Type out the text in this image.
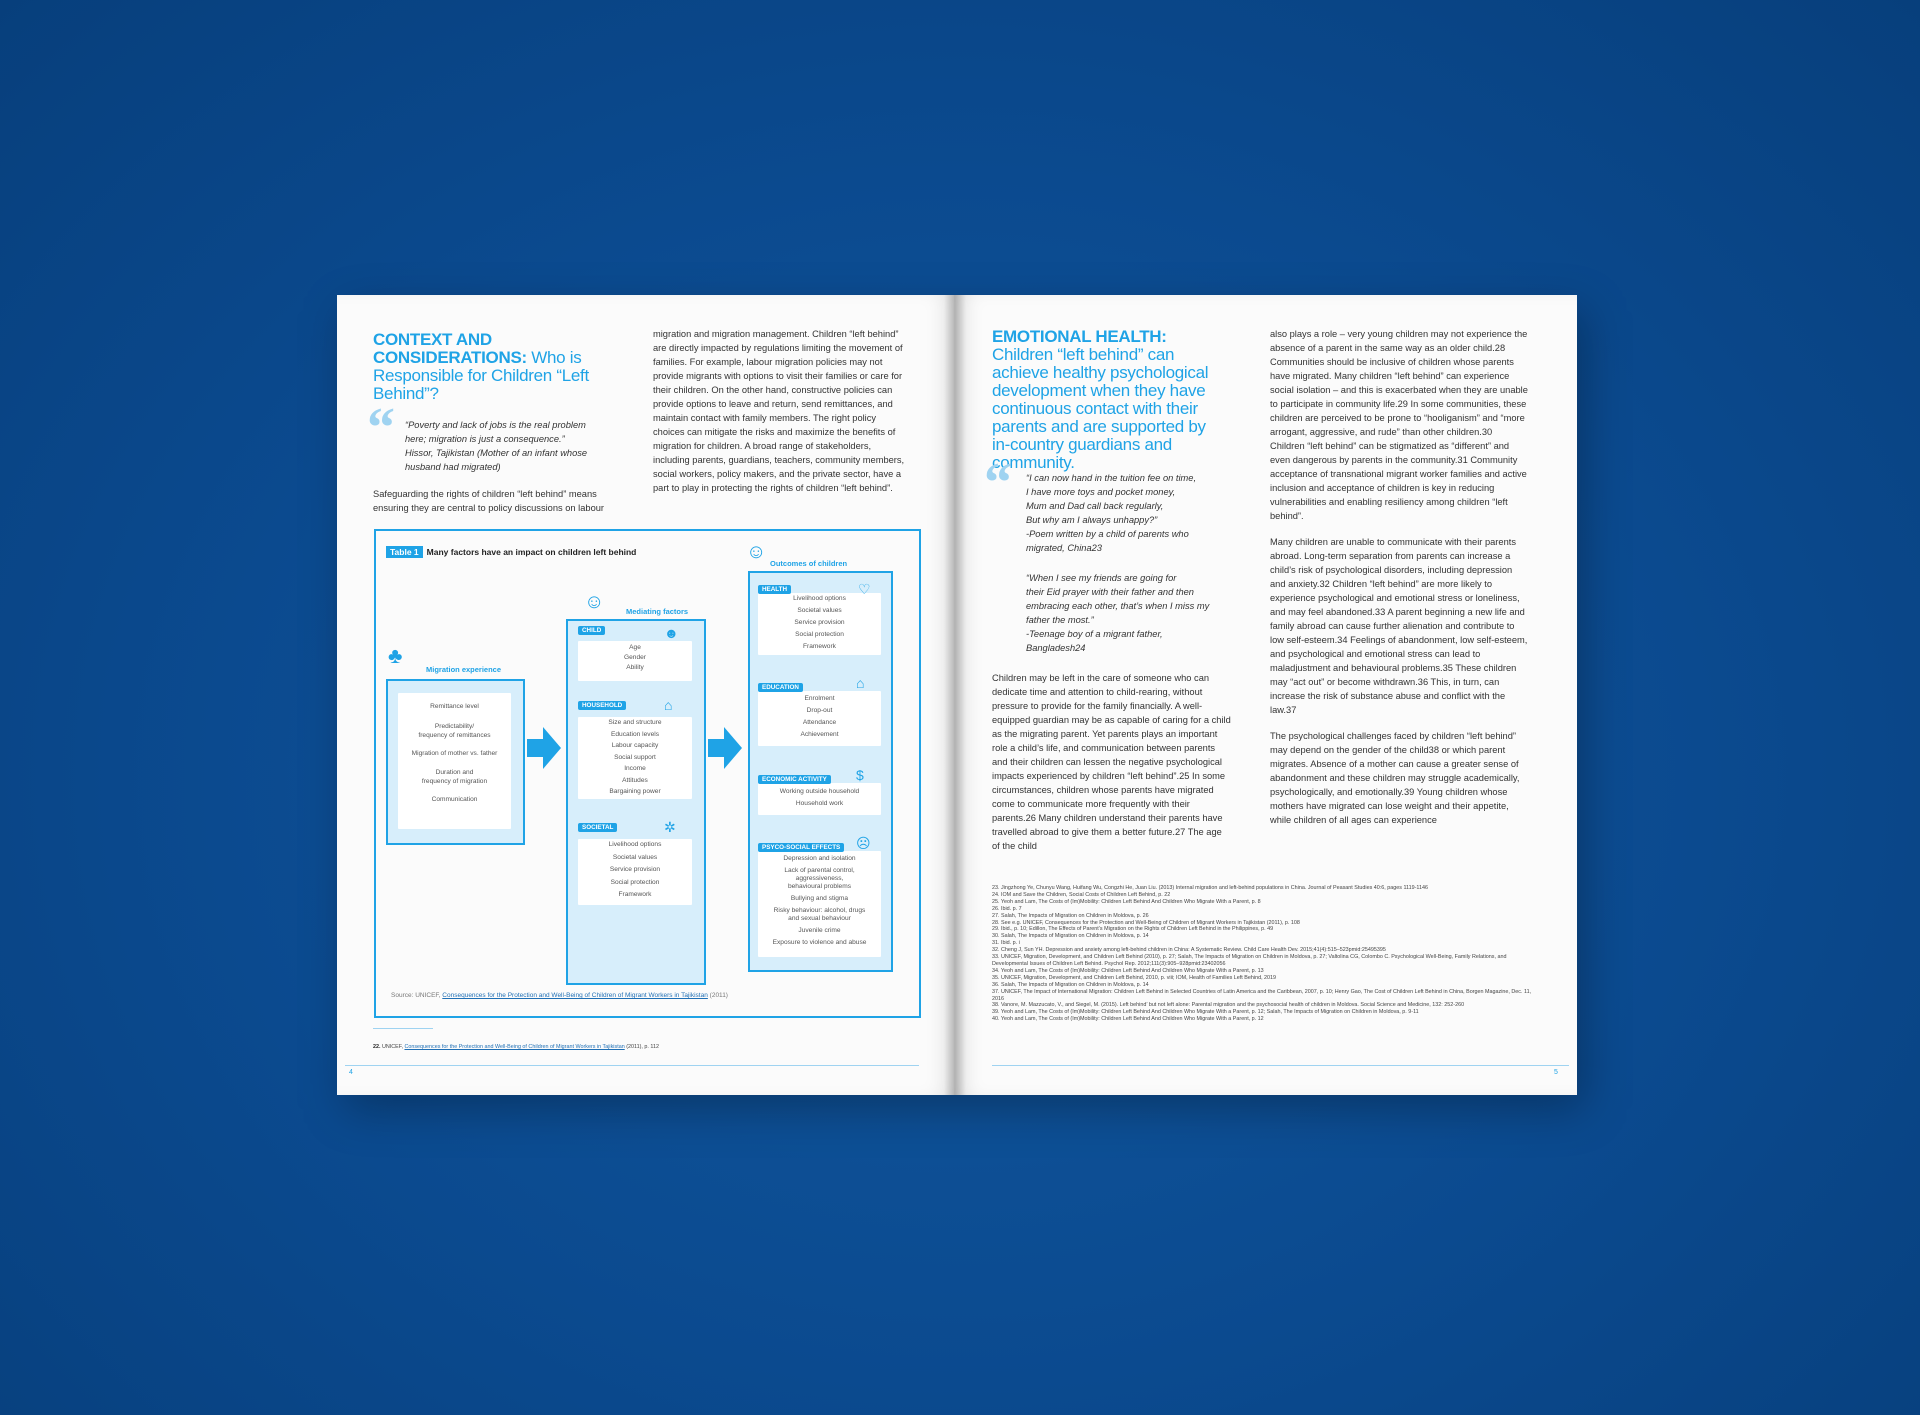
CONTEXT AND CONSIDERATIONS: Who is Responsible for Children “Left Behind”?
“ “Poverty and lack of jobs is the real problem
here; migration is just a consequence.”
Hissor, Tajikistan (Mother of an infant whose
husband had migrated)
Safeguarding the rights of children “left behind” means ensuring they are central to policy discussions on labour
migration and migration management. Children “left behind” are directly impacted by regulations limiting the movement of families. For example, labour migration policies may not provide migrants with options to visit their families or care for their children. On the other hand, constructive policies can provide options to leave and return, send remittances, and maintain contact with family members. The right policy choices can mitigate the risks and maximize the benefits of migration for children. A broad range of stakeholders, including parents, guardians, teachers, community members, social workers, policy makers, and the private sector, have a part to play in protecting the rights of children “left behind”.
Table 1 Many factors have an impact on children left behind
♣
Migration experience
Remittance level
Predictability/
frequency of remittances
Migration of mother vs. father
Duration and
frequency of migration
Communication
☺	Mediating factors
Age
Gender
Ability
CHILD	☻
Size and structure
Education levels
Labour capacity
Social support
Income
Attitudes
Bargaining power
HOUSEHOLD	⌂
Livelihood options
Societal values
Service provision
Social protection
Framework
SOCIETAL	✲
☺
Outcomes of children
Livelihood options
Societal values
Service provision
Social protection
Framework
HEALTH	♡
Enrolment
Drop-out
Attendance
Achievement
EDUCATION	⌂
Working outside household
Household work
ECONOMIC ACTIVITY $
Depression and isolation
Lack of parental control,
aggressiveness,
behavioural problems
Bullying and stigma
Risky behaviour: alcohol, drugs
and sexual behaviour
Juvenile crime
Exposure to violence and abuse
PSYCO-SOCIAL EFFECTS ☹
Source: UNICEF, Consequences for the Protection and Well-Being of Children of Migrant Workers in Tajikistan (2011)
22. UNICEF, Consequences for the Protection and Well-Being of Children of Migrant Workers in Tajikistan (2011), p. 112
4
EMOTIONAL HEALTH: Children “left behind” can achieve healthy psychological development when they have continuous contact with their parents and are supported by in-country guardians and community.
“ “I can now hand in the tuition fee on time,
I have more toys and pocket money,
Mum and Dad call back regularly,
But why am I always unhappy?”
-Poem written by a child of parents who
migrated, China23
“When I see my friends are going for
their Eid prayer with their father and then
embracing each other, that’s when I miss my
father the most.”
-Teenage boy of a migrant father,
Bangladesh24
Children may be left in the care of someone who can dedicate time and attention to child-rearing, without pressure to provide for the family financially. A well-equipped guardian may be as capable of caring for a child as the migrating parent. Yet parents plays an important role a child’s life, and communication between parents and their children can lessen the negative psychological impacts experienced by children “left behind”.25 In some circumstances, children whose parents have migrated come to communicate more frequently with their parents.26 Many children understand their parents have travelled abroad to give them a better future.27 The age of the child

also plays a role – very young children may not experience the absence of a parent in the same way as an older child.28 Communities should be inclusive of children whose parents have migrated. Many children “left behind” can experience social isolation – and this is exacerbated when they are unable to participate in community life.29 In some communities, these children are perceived to be prone to “hooliganism” and “more arrogant, aggressive, and rude” than other children.30 Children “left behind” can be stigmatized as “different” and even dangerous by parents in the community.31 Community acceptance of transnational migrant worker families and active inclusion and acceptance of children is key in reducing vulnerabilities and enabling resiliency among children “left behind”.

Many children are unable to communicate with their parents abroad. Long-term separation from parents can increase a child’s risk of psychological disorders, including depression and anxiety.32 Children “left behind” are more likely to experience psychological and emotional stress or loneliness, and may feel abandoned.33 A parent beginning a new life and family abroad can cause further alienation and contribute to low self-esteem.34 Feelings of abandonment, low self-esteem, and psychological and emotional stress can lead to maladjustment and behavioural problems.35 These children may “act out” or become withdrawn.36 This, in turn, can increase the risk of substance abuse and conflict with the law.37

The psychological challenges faced by children “left behind” may depend on the gender of the child38 or which parent migrates. Absence of a mother can cause a greater sense of abandonment and these children may struggle academically, psychologically, and emotionally.39 Young children whose mothers have migrated can lose weight and their appetite, while children of all ages can experience

23. Jingzhong Ye, Chunyu Wang, Huifang Wu, Congzhi He, Juan Liu. (2013) Internal migration and left-behind populations in China. Journal of Peasant Studies 40:6, pages 1119-1146
24. IOM and Save the Children, Social Costs of Children Left Behind, p. 22
25. Yeoh and Lam, The Costs of (Im)Mobility: Children Left Behind And Children Who Migrate With a Parent, p. 8
26. Ibid. p. 7
27. Salah, The Impacts of Migration on Children in Moldova, p. 26
28. See e.g. UNICEF, Consequences for the Protection and Well-Being of Children of Migrant Workers in Tajikistan (2011), p. 108
29. Ibid., p. 10; Edillon, The Effects of Parent’s Migration on the Rights of Children Left Behind in the Philippines, p. 49
30. Salah, The Impacts of Migration on Children in Moldova, p. 14
31. Ibid. p. i
32. Cheng J, Sun YH. Depression and anxiety among left-behind children in China: A Systematic Review. Child Care Health Dev. 2015;41(4):515–523pmid:25495395
33. UNICEF, Migration, Development, and Children Left Behind (2010), p. 27; Salah, The Impacts of Migration on Children in Moldova, p. 27; Valtolina CG, Colombo C. Psychological Well-Being, Family Relations, and Developmental Issues of Children Left Behind. Psychol Rep. 2012;111(3):905–928pmid:23402056
34. Yeoh and Lam, The Costs of (Im)Mobility: Children Left Behind And Children Who Migrate With a Parent, p. 13
35. UNICEF, Migration, Development, and Children Left Behind, 2010, p. viii; IOM, Health of Families Left Behind, 2019
36. Salah, The Impacts of Migration on Children in Moldova, p. 14
37. UNICEF, The Impact of International Migration: Children Left Behind in Selected Countries of Latin America and the Caribbean, 2007, p. 10; Henry Gao, The Cost of Children Left Behind in China, Borgen Magazine, Dec. 11, 2016
38. Vanore, M. Mazzucato, V., and Siegel, M. (2015). Left behind’ but not left alone: Parental migration and the psychosocial health of children in Moldova. Social Science and Medicine, 132: 252-260
39. Yeoh and Lam, The Costs of (Im)Mobility: Children Left Behind And Children Who Migrate With a Parent, p. 12; Salah, The Impacts of Migration on Children in Moldova, p. 9-11
40. Yeoh and Lam, The Costs of (Im)Mobility: Children Left Behind And Children Who Migrate With a Parent, p. 12
5
